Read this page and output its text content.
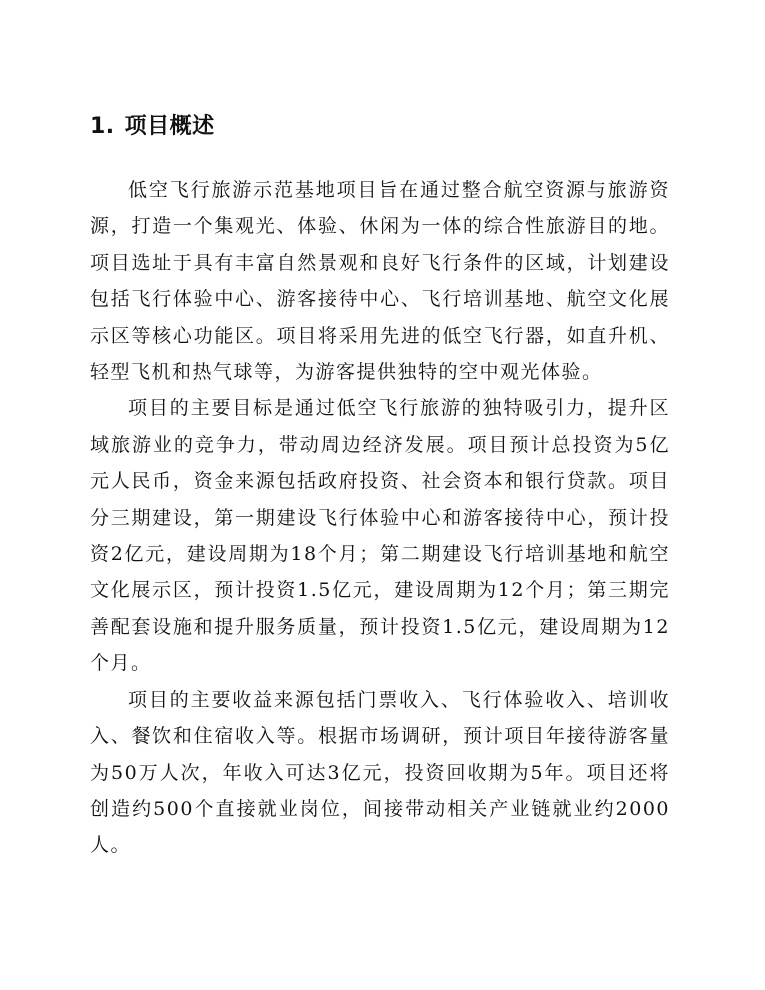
1. 项目概述

低空飞行旅游示范基地项目旨在通过整合航空资源与旅游资源，打造一个集观光、体验、休闲为一体的综合性旅游目的地。项目选址于具有丰富自然景观和良好飞行条件的区域，计划建设包括飞行体验中心、游客接待中心、飞行培训基地、航空文化展示区等核心功能区。项目将采用先进的低空飞行器，如直升机、轻型飞机和热气球等，为游客提供独特的空中观光体验。

项目的主要目标是通过低空飞行旅游的独特吸引力，提升区域旅游业的竞争力，带动周边经济发展。项目预计总投资为5亿元人民币，资金来源包括政府投资、社会资本和银行贷款。项目分三期建设，第一期建设飞行体验中心和游客接待中心，预计投资2亿元，建设周期为18个月；第二期建设飞行培训基地和航空文化展示区，预计投资1.5亿元，建设周期为12个月；第三期完善配套设施和提升服务质量，预计投资1.5亿元，建设周期为12个月。

项目的主要收益来源包括门票收入、飞行体验收入、培训收入、餐饮和住宿收入等。根据市场调研，预计项目年接待游客量为50万人次，年收入可达3亿元，投资回收期为5年。项目还将创造约500个直接就业岗位，间接带动相关产业链就业约2000人。
